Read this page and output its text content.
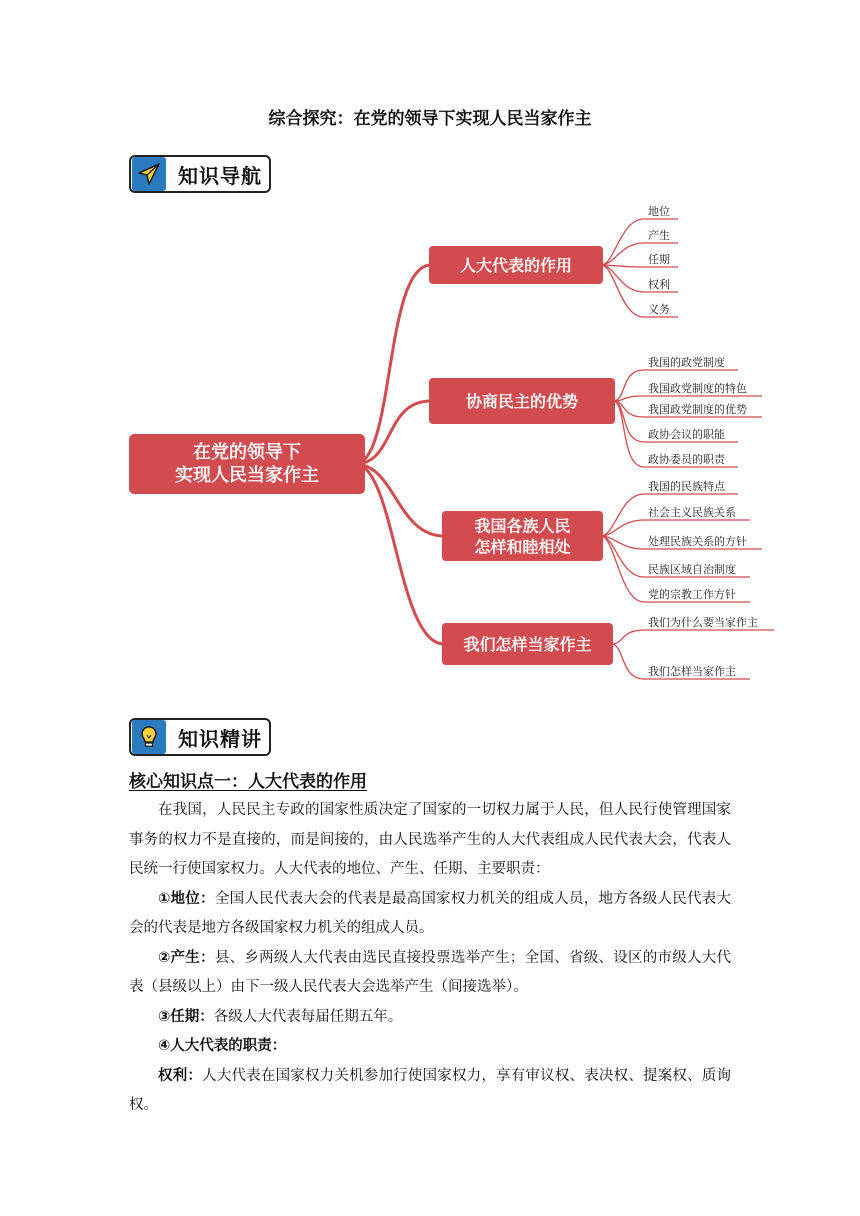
综合探究：在党的领导下实现人民当家作主
知识导航
地位
产生
任期
权利
义务
人大代表的作用
我国的政党制度
我国政党制度的特色
我国政党制度的优势
政协会议的职能
政协委员的职责
协商民主的优势
我国的民族特点
社会主义民族关系
处理民族关系的方针
民族区域自治制度
党的宗教工作方针
我国各族人民
怎样和睦相处
我们为什么要当家作主
我们怎样当家作主
我们怎样当家作主
在党的领导下
实现人民当家作主
知识精讲
核心知识点一：人大代表的作用

在我国，人民民主专政的国家性质决定了国家的一切权力属于人民，但人民行使管理国家事务的权力不是直接的，而是间接的，由人民选举产生的人大代表组成人民代表大会，代表人民统一行使国家权力。人大代表的地位、产生、任期、主要职责：

①地位：全国人民代表大会的代表是最高国家权力机关的组成人员，地方各级人民代表大会的代表是地方各级国家权力机关的组成人员。

②产生：县、乡两级人大代表由选民直接投票选举产生；全国、省级、设区的市级人大代表（县级以上）由下一级人民代表大会选举产生（间接选举）。

③任期：各级人大代表每届任期五年。

④人大代表的职责：

权利：人大代表在国家权力关机参加行使国家权力，享有审议权、表决权、提案权、质询权。
